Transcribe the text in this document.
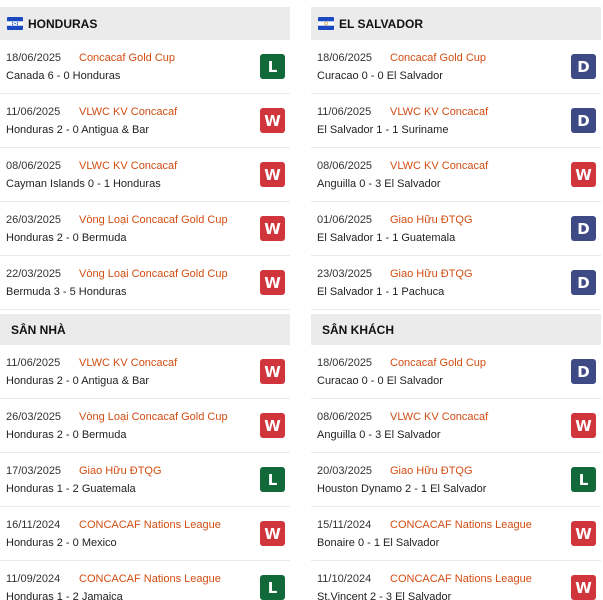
HONDURAS
18/06/2025 Concacaf Gold Cup
Canada 6 - 0 Honduras
L
11/06/2025 VLWC KV Concacaf
Honduras 2 - 0 Antigua & Bar
W
08/06/2025 VLWC KV Concacaf
Cayman Islands 0 - 1 Honduras
W
26/03/2025 Vòng Loại Concacaf Gold Cup
Honduras 2 - 0 Bermuda
W
22/03/2025 Vòng Loại Concacaf Gold Cup
Bermuda 3 - 5 Honduras
W
SÂN NHÀ
11/06/2025 VLWC KV Concacaf
Honduras 2 - 0 Antigua & Bar
W
26/03/2025 Vòng Loại Concacaf Gold Cup
Honduras 2 - 0 Bermuda
W
17/03/2025 Giao Hữu ĐTQG
Honduras 1 - 2 Guatemala
L
16/11/2024 CONCACAF Nations League
Honduras 2 - 0 Mexico
W
11/09/2024 CONCACAF Nations League
Honduras 1 - 2 Jamaica
L
EL SALVADOR
18/06/2025 Concacaf Gold Cup
Curacao 0 - 0 El Salvador
D
11/06/2025 VLWC KV Concacaf
El Salvador 1 - 1 Suriname
D
08/06/2025 VLWC KV Concacaf
Anguilla 0 - 3 El Salvador
W
01/06/2025 Giao Hữu ĐTQG
El Salvador 1 - 1 Guatemala
D
23/03/2025 Giao Hữu ĐTQG
El Salvador 1 - 1 Pachuca
D
SÂN KHÁCH
18/06/2025 Concacaf Gold Cup
Curacao 0 - 0 El Salvador
D
08/06/2025 VLWC KV Concacaf
Anguilla 0 - 3 El Salvador
W
20/03/2025 Giao Hữu ĐTQG
Houston Dynamo 2 - 1 El Salvador
L
15/11/2024 CONCACAF Nations League
Bonaire 0 - 1 El Salvador
W
11/10/2024 CONCACAF Nations League
St.Vincent 2 - 3 El Salvador
W
